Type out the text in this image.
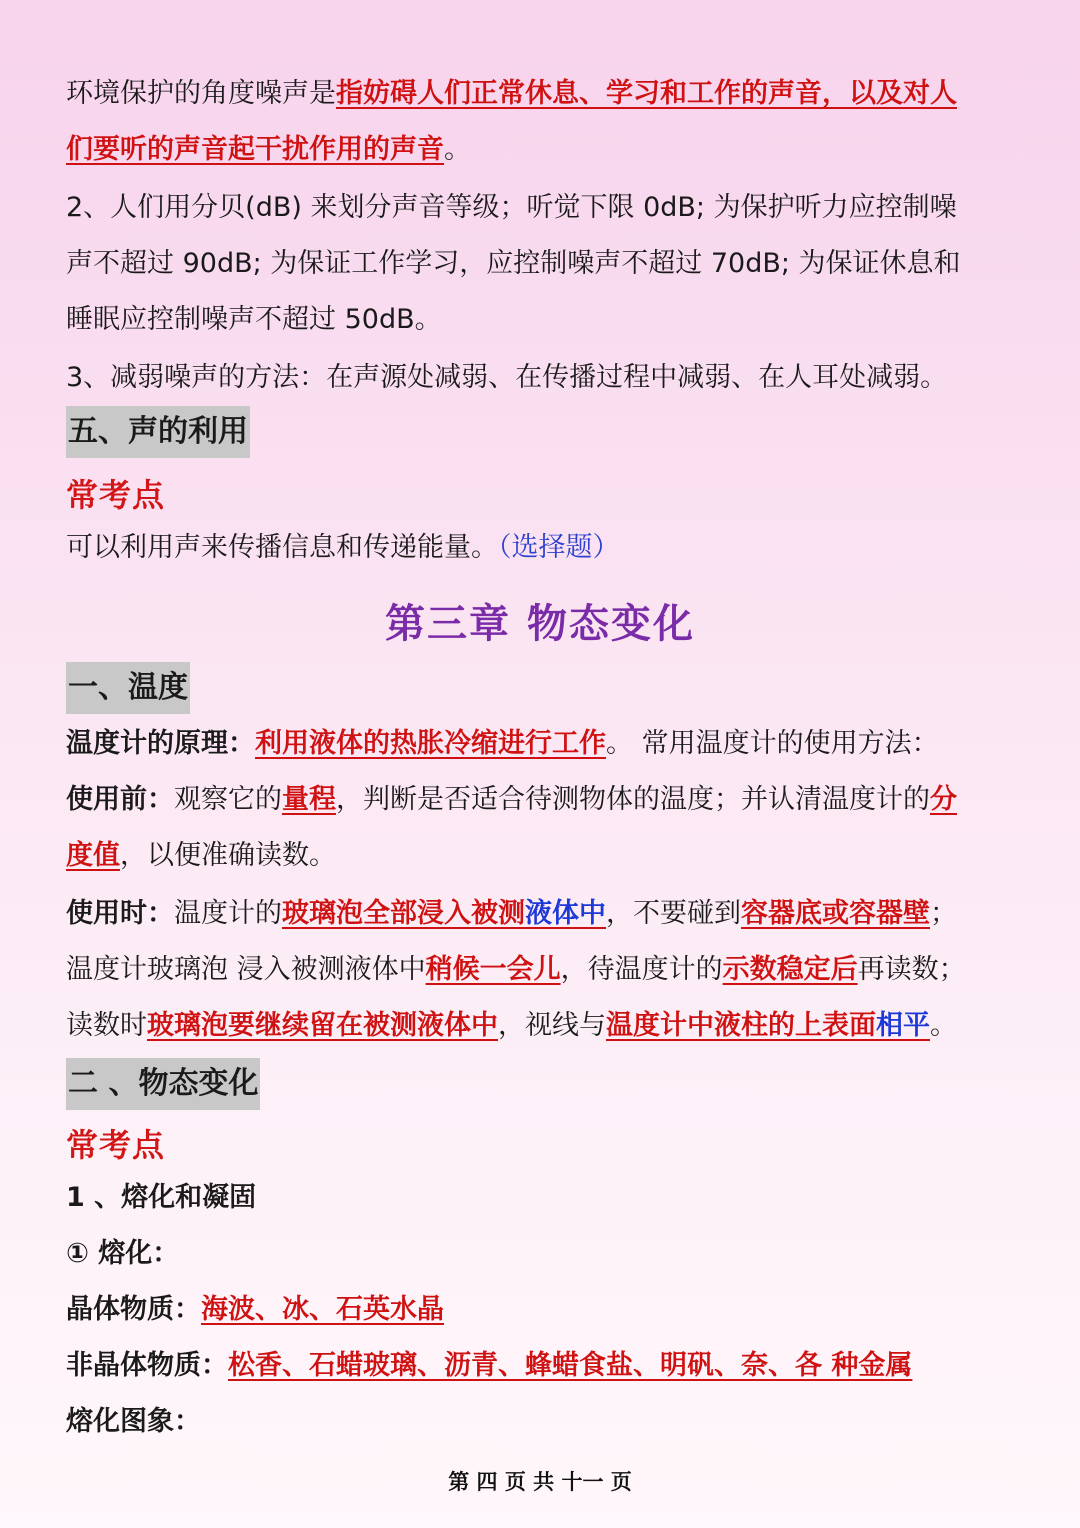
环境保护的角度噪声是指妨碍人们正常休息、学习和工作的声音，以及对人
们要听的声音起干扰作用的声音。
2、人们用分贝(dB) 来划分声音等级；听觉下限 0dB; 为保护听力应控制噪
声不超过 90dB; 为保证工作学习，应控制噪声不超过 70dB; 为保证休息和
睡眠应控制噪声不超过 50dB。
3、减弱噪声的方法：在声源处减弱、在传播过程中减弱、在人耳处减弱。
五、声的利用
常考点
可以利用声来传播信息和传递能量。（选择题）
第三章 物态变化
一、温度
温度计的原理：利用液体的热胀冷缩进行工作。 常用温度计的使用方法：
使用前：观察它的量程，判断是否适合待测物体的温度；并认清温度计的分
度值，以便准确读数。
使用时：温度计的玻璃泡全部浸入被测液体中，不要碰到容器底或容器壁；
温度计玻璃泡 浸入被测液体中稍候一会儿，待温度计的示数稳定后再读数；
读数时玻璃泡要继续留在被测液体中，视线与温度计中液柱的上表面相平。
二 、物态变化
常考点
1 、熔化和凝固
① 熔化：
晶体物质：海波、冰、石英水晶
非晶体物质：松香、石蜡玻璃、沥青、蜂蜡食盐、明矾、奈、各 种金属
熔化图象：
第 四 页 共 十一 页
